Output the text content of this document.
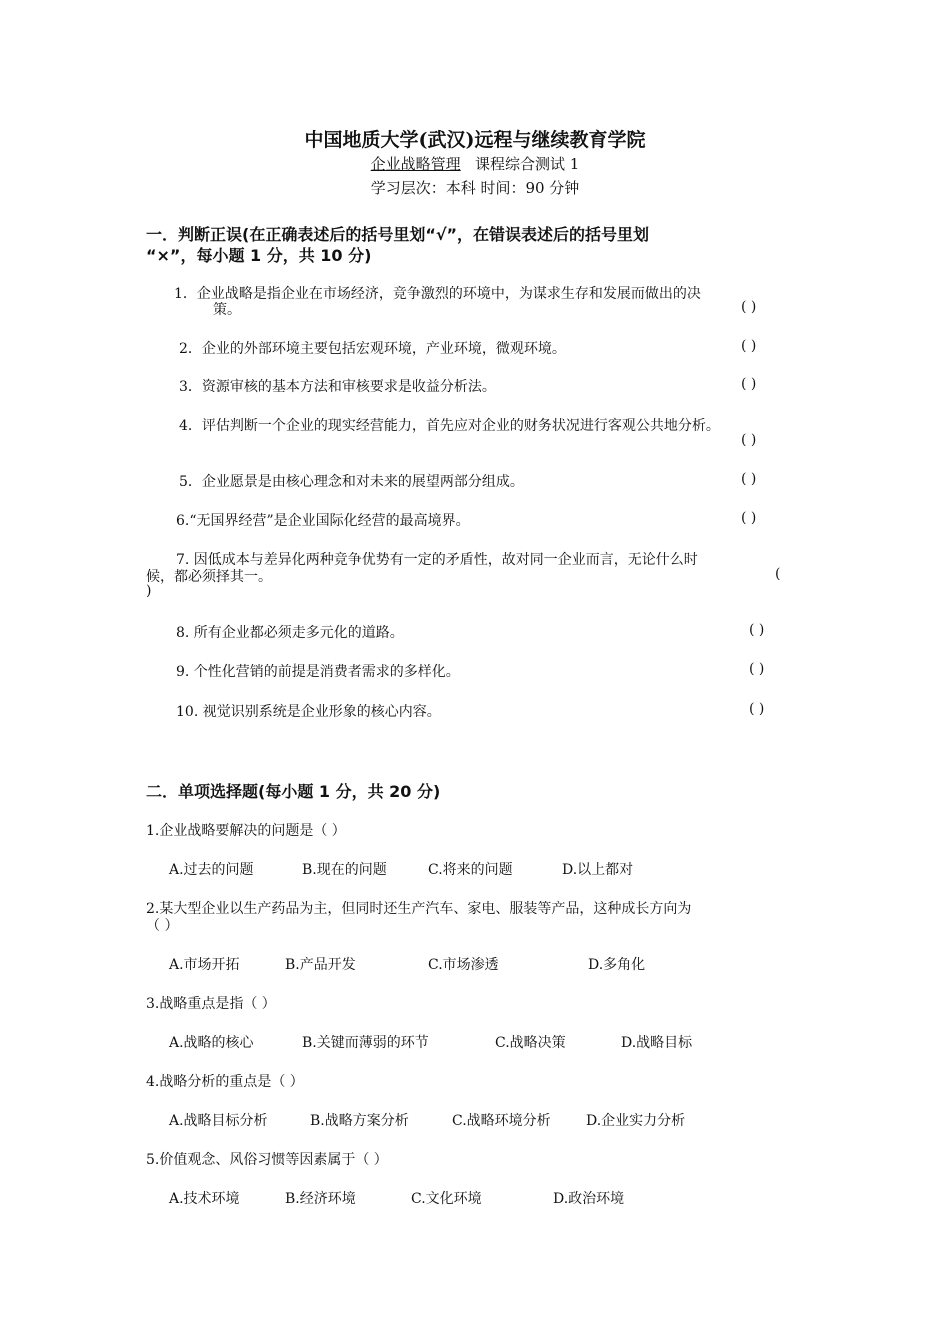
中国地质大学(武汉)远程与继续教育学院
企业战略管理 课程综合测试 1
学习层次：本科 时间：90 分钟
一．判断正误(在正确表述后的括号里划“√”，在错误表述后的括号里划
“×”，每小题 1 分，共 10 分)
1．企业战略是指企业在市场经济，竞争激烈的环境中，为谋求生存和发展而做出的决
策。	( )
2．企业的外部环境主要包括宏观环境，产业环境，微观环境。	( )
3．资源审核的基本方法和审核要求是收益分析法。	( )
4．评估判断一个企业的现实经营能力，首先应对企业的财务状况进行客观公共地分析。
( )
5．企业愿景是由核心理念和对未来的展望两部分组成。	( )
6.“无国界经营”是企业国际化经营的最高境界。	( )
7. 因低成本与差异化两种竞争优势有一定的矛盾性，故对同一企业而言，无论什么时
候，都必须择其一。	(
)
8. 所有企业都必须走多元化的道路。	( )
9. 个性化营销的前提是消费者需求的多样化。	( )
10. 视觉识别系统是企业形象的核心内容。	( )
二．单项选择题(每小题 1 分，共 20 分)
1.企业战略要解决的问题是（ ）
A.过去的问题	B.现在的问题	C.将来的问题	D.以上都对
2.某大型企业以生产药品为主，但同时还生产汽车、家电、服装等产品，这种成长方向为
（ ）
A.市场开拓	B.产品开发	C.市场渗透	D.多角化
3.战略重点是指（ ）
A.战略的核心	B.关键而薄弱的环节	C.战略决策	D.战略目标
4.战略分析的重点是（ ）
A.战略目标分析	B.战略方案分析	C.战略环境分析	D.企业实力分析
5.价值观念、风俗习惯等因素属于（ ）
A.技术环境	B.经济环境	C.文化环境	D.政治环境
